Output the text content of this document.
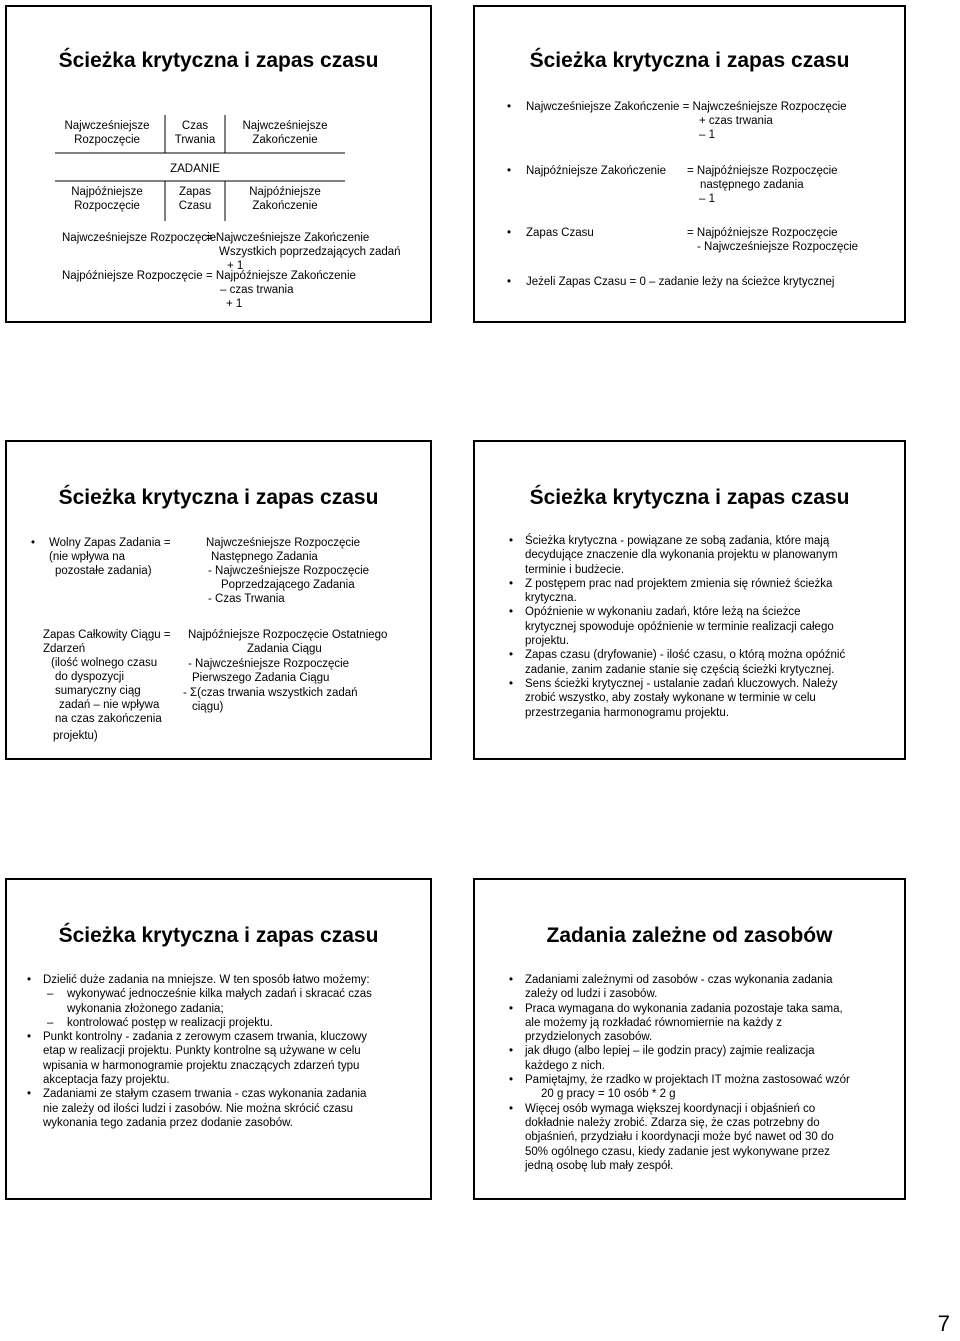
Ścieżka krytyczna i zapas czasu
Najwcześniejsze
Rozpoczęcie
Czas
Trwania
Najwcześniejsze
Zakończenie
ZADANIE
Najpóźniejsze
Rozpoczęcie
Zapas
Czasu
Najpóźniejsze
Zakończenie
Najwcześniejsze Rozpoczęcie
= Najwcześniejsze Zakończenie
Wszystkich poprzedzających zadań
+ 1
Najpóźniejsze Rozpoczęcie = Najpóźniejsze Zakończenie
– czas trwania
+ 1
Ścieżka krytyczna i zapas czasu
• Najwcześniejsze Zakończenie = Najwcześniejsze Rozpoczęcie
+ czas trwania
– 1
• Najpóźniejsze Zakończenie = Najpóźniejsze Rozpoczęcie
następnego zadania
– 1
• Zapas Czasu	= Najpóźniejsze Rozpoczęcie
- Najwcześniejsze Rozpoczęcie
• Jeżeli Zapas Czasu = 0 – zadanie leży na ścieżce krytycznej
Ścieżka krytyczna i zapas czasu
• Wolny Zapas Zadania =
(nie wpływa na
pozostałe zadania)
Najwcześniejsze Rozpoczęcie
Następnego Zadania
- Najwcześniejsze Rozpoczęcie
Poprzedzającego Zadania
- Czas Trwania
Zapas Całkowity Ciągu =
Zdarzeń
(ilość wolnego czasu
do dyspozycji
sumaryczny ciąg
zadań – nie wpływa
na czas zakończenia
projektu)
Najpóźniejsze Rozpoczęcie Ostatniego
Zadania Ciągu
- Najwcześniejsze Rozpoczęcie
Pierwszego Zadania Ciągu
- Σ(czas trwania wszystkich zadań
ciągu)
Ścieżka krytyczna i zapas czasu
• Ścieżka krytyczna - powiązane ze sobą zadania, które mają
decydujące znaczenie dla wykonania projektu w planowanym
terminie i budżecie.
• Z postępem prac nad projektem zmienia się również ścieżka
krytyczna.
• Opóźnienie w wykonaniu zadań, które leżą na ścieżce
krytycznej spowoduje opóźnienie w terminie realizacji całego
projektu.
• Zapas czasu (dryfowanie) - ilość czasu, o którą można opóźnić
zadanie, zanim zadanie stanie się częścią ścieżki krytycznej.
• Sens ścieżki krytycznej - ustalanie zadań kluczowych. Należy
zrobić wszystko, aby zostały wykonane w terminie w celu
przestrzegania harmonogramu projektu.
Ścieżka krytyczna i zapas czasu
• Dzielić duże zadania na mniejsze. W ten sposób łatwo możemy:
– wykonywać jednocześnie kilka małych zadań i skracać czas
wykonania złożonego zadania;
– kontrolować postęp w realizacji projektu.
• Punkt kontrolny - zadania z zerowym czasem trwania, kluczowy
etap w realizacji projektu. Punkty kontrolne są używane w celu
wpisania w harmonogramie projektu znaczących zdarzeń typu
akceptacja fazy projektu.
• Zadaniami ze stałym czasem trwania - czas wykonania zadania
nie zależy od ilości ludzi i zasobów. Nie można skrócić czasu
wykonania tego zadania przez dodanie zasobów.
Zadania zależne od zasobów
• Zadaniami zależnymi od zasobów - czas wykonania zadania
zależy od ludzi i zasobów.
• Praca wymagana do wykonania zadania pozostaje taka sama,
ale możemy ją rozkładać równomiernie na każdy z
przydzielonych zasobów.
• jak długo (albo lepiej – ile godzin pracy) zajmie realizacja
każdego z nich.
• Pamiętajmy, że rzadko w projektach IT można zastosować wzór
20 g pracy = 10 osób * 2 g
• Więcej osób wymaga większej koordynacji i objaśnień co
dokładnie należy zrobić. Zdarza się, że czas potrzebny do
objaśnień, przydziału i koordynacji może być nawet od 30 do
50% ogólnego czasu, kiedy zadanie jest wykonywane przez
jedną osobę lub mały zespół.
7
